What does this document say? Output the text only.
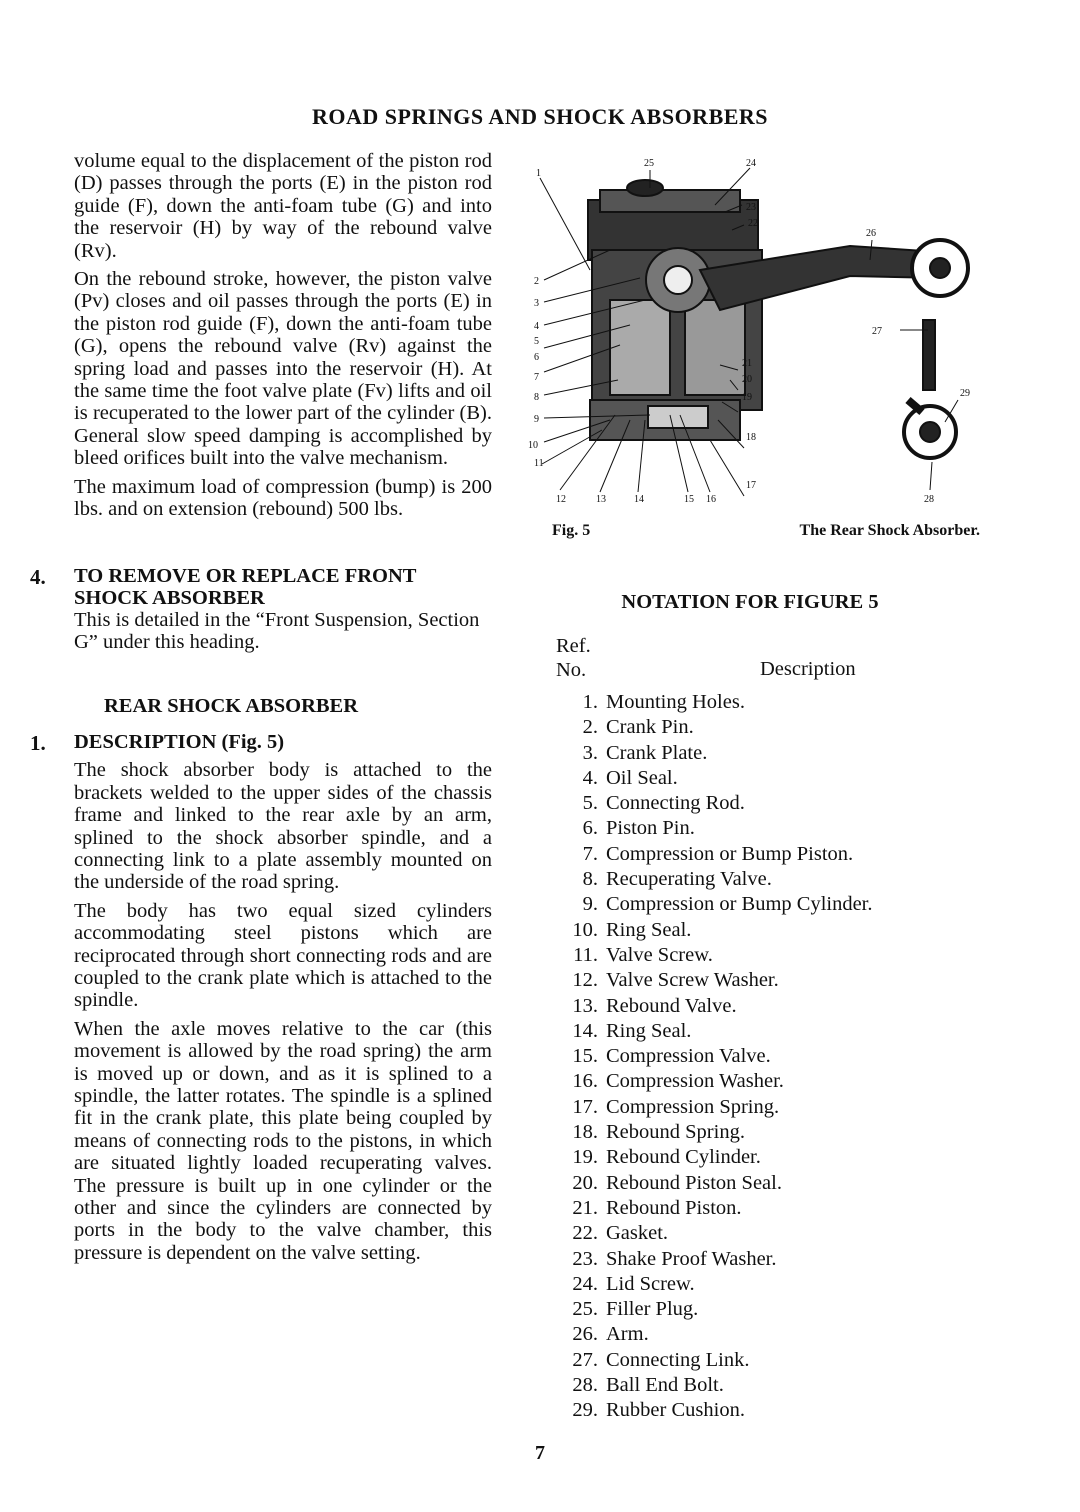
ROAD SPRINGS AND SHOCK ABSORBERS

volume equal to the displacement of the piston rod (D) passes through the ports (E) in the piston rod guide (F), down the anti-foam tube (G) and into the reservoir (H) by way of the rebound valve (Rv).

On the rebound stroke, however, the piston valve (Pv) closes and oil passes through the ports (E) in the piston rod guide (F), down the anti-foam tube (G), opens the rebound valve (Rv) against the spring load and passes into the reservoir (H). At the same time the foot valve plate (Fv) lifts and oil is recuperated to the lower part of the cylinder (B). General slow speed damping is accomplished by bleed orifices built into the valve mechanism.

The maximum load of compression (bump) is 200 lbs. and on extension (rebound) 500 lbs.

4. TO REMOVE OR REPLACE FRONT SHOCK ABSORBER

This is detailed in the “Front Suspension, Section G” under this heading.

REAR SHOCK ABSORBER
1. DESCRIPTION (Fig. 5)

The shock absorber body is attached to the brackets welded to the upper sides of the chassis frame and linked to the rear axle by an arm, splined to the shock absorber spindle, and a connecting link to a plate assembly mounted on the underside of the road spring.

The body has two equal sized cylinders accommodating steel pistons which are reciprocated through short connecting rods and are coupled to the crank plate which is attached to the spindle.

When the axle moves relative to the car (this movement is allowed by the road spring) the arm is moved up or down, and as it is splined to a spindle, the latter rotates. The spindle is a splined fit in the crank plate, this plate being coupled by means of connecting rods to the pistons, in which are situated lightly loaded recuperating valves. The pressure is built up in one cylinder or the other and since the cylinders are connected by ports in the body to the valve chamber, this pressure is dependent on the valve setting.

1
2
3
4
5
6
7
8
9
10
11
12	13	14	15 16
17
18
19
20
21
22
23
24
25
26
27
28
29
Fig. 5	The Rear Shock Absorber.
NOTATION FOR FIGURE 5
Ref.
No.	Description
1. Mounting Holes.
2. Crank Pin.
3. Crank Plate.
4. Oil Seal.
5. Connecting Rod.
6. Piston Pin.
7. Compression or Bump Piston.
8. Recuperating Valve.
9. Compression or Bump Cylinder.
10. Ring Seal.
11. Valve Screw.
12. Valve Screw Washer.
13. Rebound Valve.
14. Ring Seal.
15. Compression Valve.
16. Compression Washer.
17. Compression Spring.
18. Rebound Spring.
19. Rebound Cylinder.
20. Rebound Piston Seal.
21. Rebound Piston.
22. Gasket.
23. Shake Proof Washer.
24. Lid Screw.
25. Filler Plug.
26. Arm.
27. Connecting Link.
28. Ball End Bolt.
29. Rubber Cushion.
7
